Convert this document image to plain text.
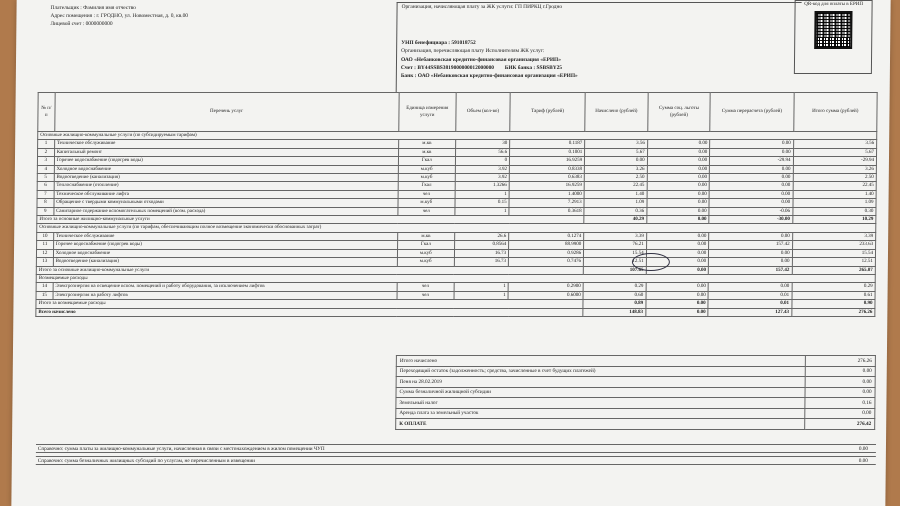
Плательщик : Фамилия имя отчество
Адрес помещения : г. ГРОДНО, ул. Новоместная, д. 0, кв.00
Лицевой счет : 0000000000
Организация, начисляющая плату за ЖК услуги: ГП ПИРКЦ г.Гродно
УНП бенефициара : 591018752
Организация, перечисляющая плату Исполнителям ЖК услуг:
ОАО «Небанковская кредитно-финансовая организация «ЕРИП»
Счет : BY44SSBS3819000000012000000 БИК банка : SSBSBY25
Банк : ОАО «Небанковская кредитно-финансовая организация «ЕРИП»
QR-код для оплаты в ЕРИП
№ п/п	Перечень услуг	Единица измерения услуги	Объем (кол-во)	Тариф (рублей)	Начислено (рублей)	Сумма соц. льготы (рублей)	Сумма перерасчета (рублей)	Итого сумма (рублей)
Основные жилищно-коммунальные услуги (по субсидируемым тарифам)								
1	Техническое обслуживание	м.кв	30	0.1187	3.56	0.00	0.00	3.56
2	Капитальный ремонт	м.кв	56.6	0.1001	5.67	0.00	0.00	5.67
3	Горячее водоснабжение (подогрев воды)	Гкал	0	16.9259	0.00	0.00	-29.94	-29.94
4	Холодное водоснабжение	м.куб	3.92	0.8338	3.26	0.00	0.00	3.26
5	Водоотведение (канализация)	м.куб	3.92	0.6383	2.50	0.00	0.00	2.50
6	Теплоснабжение (отопление)	Гкал	1.3266	16.9259	22.45	0.00	0.00	22.45
7	Техническое обслуживание лифта	чел	1	1.4000	1.40	0.00	0.00	1.40
8	Обращение с твердыми коммунальными отходами	м.куб	0.15	7.2913	1.09	0.00	0.00	1.09
9	Санитарное содержание вспомогательных помещений (возм. расхода)	чел	1	0.3618	0.36	0.00	-0.06	0.30
Итого за основные жилищно-коммунальные услуги					40.29	0.00	-30.00	10.29
Основные жилищно-коммунальные услуги (по тарифам, обеспечивающим полное возмещение экономически обоснованных затрат)								
10	Техническое обслуживание	м.кв	26.6	0.1274	3.39	0.00	0.00	3.39
11	Горячее водоснабжение (подогрев воды)	Гкал	0.8564	88.9900	76.21	0.00	157.42	233.63
12	Холодное водоснабжение	м.куб	16.73	0.9286	15.54	0.00	0.00	15.54
13	Водоотведение (канализация)	м.куб	16.73	0.7476	12.51	0.00	0.00	12.51
Итого за основные жилищно-коммунальные услуги					107.65	0.00	157.42	265.07
Возмещаемые расходы								
14	Электроэнергия на освещение вспом. помещений и работу оборудования, за исключением лифтов	чел	1	0.2900	0.29	0.00	0.00	0.29
15	Электроэнергия на работу лифтов	чел	1	0.6000	0.60	0.00	0.01	0.61
Итого за возмещаемые расходы					0.89	0.00	0.01	0.90
Всего начислено					148.83	0.00	127.43	276.26
Итого начислено	276.26
Переходящий остаток (задолженность; средства, зачисленные в счет будущих платежей)	0.00
Пеня на 28.02.2019	0.00
Сумма безналичной жилищной субсидии	0.00
Земельный налог	0.16
Аренда плата за земельный участок	0.00
К ОПЛАТЕ	276.42
Справочно: сумма платы за жилищно-коммунальные услуги, начисленная в связи с местонахождением в жилом помещении ЧУП	0.00
Справочно: сумма безналичных жилищных субсидий по услугам, не перечисленным в извещении	0.00
